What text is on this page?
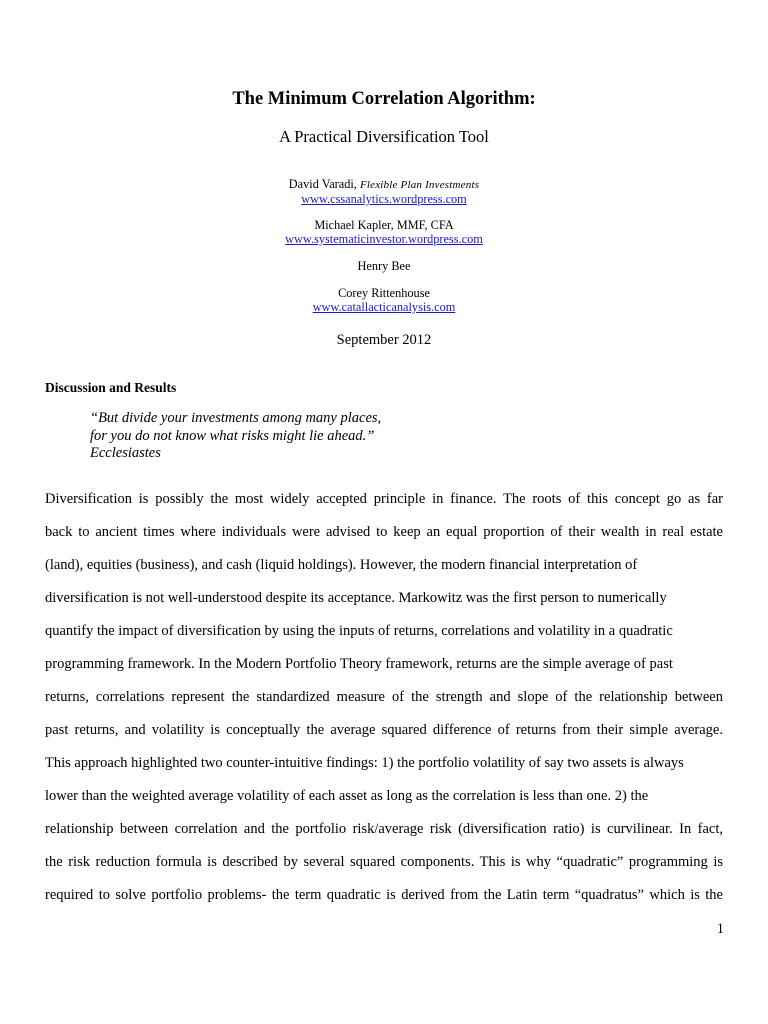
The Minimum Correlation Algorithm:
A Practical Diversification Tool
David Varadi, Flexible Plan Investments
www.cssanalytics.wordpress.com
Michael Kapler, MMF, CFA
www.systematicinvestor.wordpress.com
Henry Bee
Corey Rittenhouse
www.catallacticanalysis.com
September 2012
Discussion and Results
“But divide your investments among many places,
for you do not know what risks might lie ahead.”
Ecclesiastes
Diversification is possibly the most widely accepted principle in finance. The roots of this concept go as far
back to ancient times where individuals were advised to keep an equal proportion of their wealth in real estate
(land), equities (business), and cash (liquid holdings). However, the modern financial interpretation of
diversification is not well-understood despite its acceptance. Markowitz was the first person to numerically
quantify the impact of diversification by using the inputs of returns, correlations and volatility in a quadratic
programming framework. In the Modern Portfolio Theory framework, returns are the simple average of past
returns, correlations represent the standardized measure of the strength and slope of the relationship between
past returns, and volatility is conceptually the average squared difference of returns from their simple average.
This approach highlighted two counter-intuitive findings: 1) the portfolio volatility of say two assets is always
lower than the weighted average volatility of each asset as long as the correlation is less than one. 2) the
relationship between correlation and the portfolio risk/average risk (diversification ratio) is curvilinear. In fact,
the risk reduction formula is described by several squared components. This is why “quadratic” programming is
required to solve portfolio problems- the term quadratic is derived from the Latin term “quadratus” which is the
1
